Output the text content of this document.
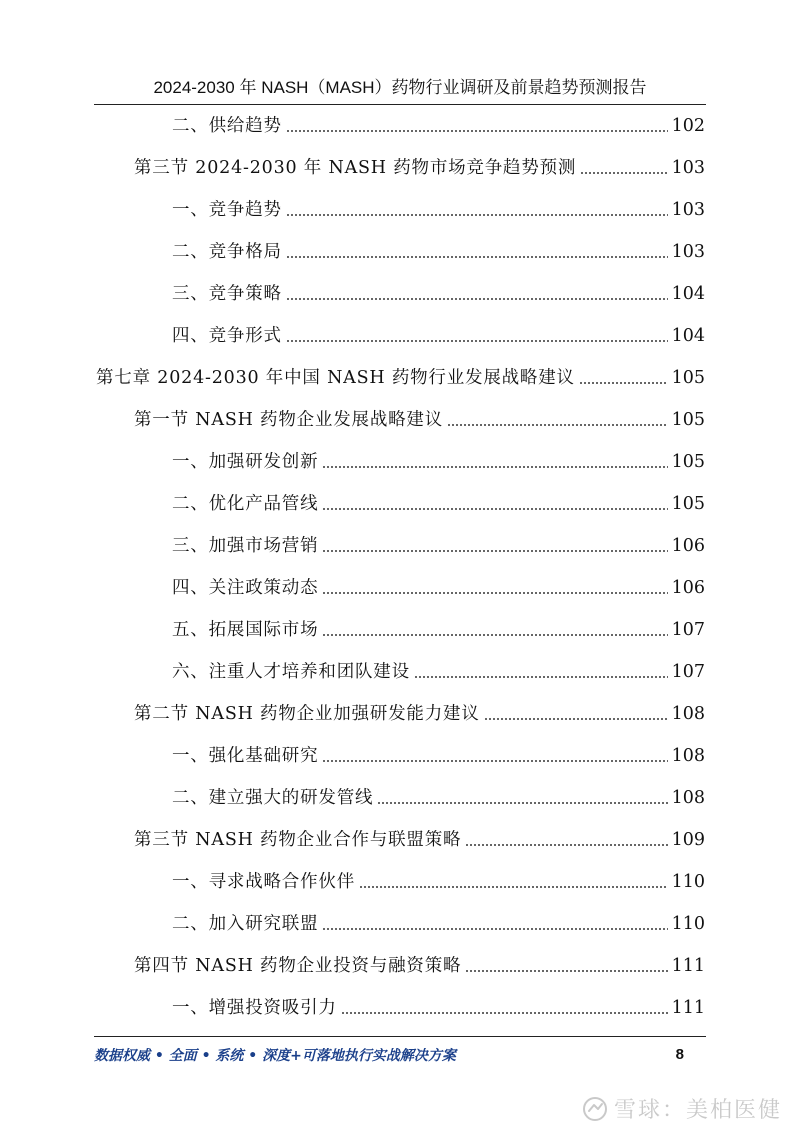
2024-2030 年 NASH（MASH）药物行业调研及前景趋势预测报告
二、供给趋势	102
第三节 2024-2030 年 NASH 药物市场竞争趋势预测	103
一、竞争趋势	103
二、竞争格局	103
三、竞争策略	104
四、竞争形式	104
第七章 2024-2030 年中国 NASH 药物行业发展战略建议	105
第一节 NASH 药物企业发展战略建议	105
一、加强研发创新	105
二、优化产品管线	105
三、加强市场营销	106
四、关注政策动态	106
五、拓展国际市场	107
六、注重人才培养和团队建设	107
第二节 NASH 药物企业加强研发能力建议	108
一、强化基础研究	108
二、建立强大的研发管线	108
第三节 NASH 药物企业合作与联盟策略	109
一、寻求战略合作伙伴	110
二、加入研究联盟	110
第四节 NASH 药物企业投资与融资策略	111
一、增强投资吸引力	111
数据权威 • 全面 • 系统 • 深度+可落地执行实战解决方案	8
雪球：美柏医健
